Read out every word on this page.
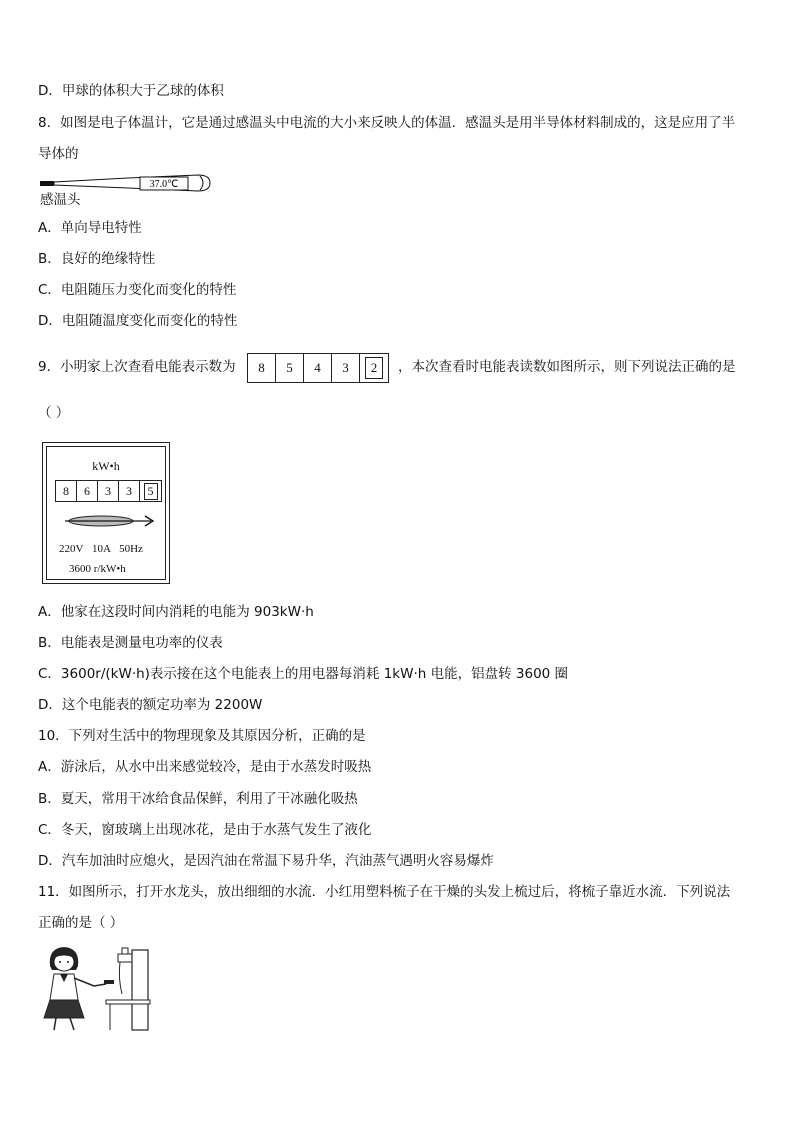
D．甲球的体积大于乙球的体积
8．如图是电子体温计，它是通过感温头中电流的大小来反映人的体温．感温头是用半导体材料制成的，这是应用了半
导体的
37.0℃
感温头
A．单向导电特性
B．良好的绝缘特性
C．电阻随压力变化而变化的特性
D．电阻随温度变化而变化的特性
9．小明家上次查看电能表示数为	8	5	4	3	2	，本次查看时电能表读数如图所示，则下列说法正确的是
（ ）
kW•h
8	6	3	3	5
220V 10A 50Hz
3600 r/kW•h
A．他家在这段时间内消耗的电能为 903kW·h
B．电能表是测量电功率的仪表
C．3600r/(kW·h)表示接在这个电能表上的用电器每消耗 1kW·h 电能，铝盘转 3600 圈
D．这个电能表的额定功率为 2200W
10．下列对生活中的物理现象及其原因分析，正确的是
A．游泳后，从水中出来感觉较冷，是由于水蒸发时吸热
B．夏天，常用干冰给食品保鲜，利用了干冰融化吸热
C．冬天，窗玻璃上出现冰花，是由于水蒸气发生了液化
D．汽车加油时应熄火，是因汽油在常温下易升华，汽油蒸气遇明火容易爆炸
11．如图所示，打开水龙头，放出细细的水流．小红用塑料梳子在干燥的头发上梳过后，将梳子靠近水流．下列说法
正确的是（ ）
